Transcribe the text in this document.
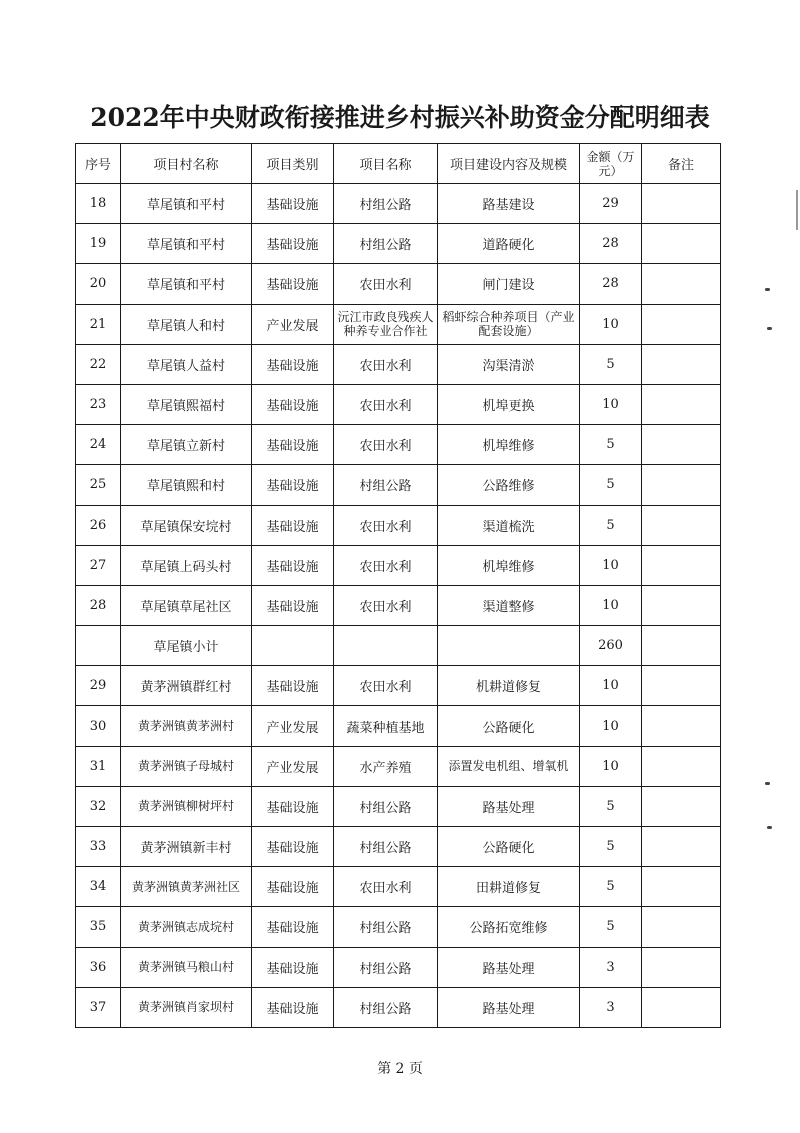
2022年中央财政衔接推进乡村振兴补助资金分配明细表
序号	项目村名称	项目类别	项目名称	项目建设内容及规模	金额（万元）	备注
18	草尾镇和平村	基础设施	村组公路	路基建设	29	
19	草尾镇和平村	基础设施	村组公路	道路硬化	28	
20	草尾镇和平村	基础设施	农田水利	闸门建设	28	
21	草尾镇人和村	产业发展	沅江市政良残疾人种养专业合作社	稻虾综合种养项目（产业配套设施）	10	
22	草尾镇人益村	基础设施	农田水利	沟渠清淤	5	
23	草尾镇熙福村	基础设施	农田水利	机埠更换	10	
24	草尾镇立新村	基础设施	农田水利	机埠维修	5	
25	草尾镇熙和村	基础设施	村组公路	公路维修	5	
26	草尾镇保安垸村	基础设施	农田水利	渠道梳洗	5	
27	草尾镇上码头村	基础设施	农田水利	机埠维修	10	
28	草尾镇草尾社区	基础设施	农田水利	渠道整修	10	
	草尾镇小计				260	
29	黄茅洲镇群红村	基础设施	农田水利	机耕道修复	10	
30	黄茅洲镇黄茅洲村	产业发展	蔬菜种植基地	公路硬化	10	
31	黄茅洲镇子母城村	产业发展	水产养殖	添置发电机组、增氧机	10	
32	黄茅洲镇柳树坪村	基础设施	村组公路	路基处理	5	
33	黄茅洲镇新丰村	基础设施	村组公路	公路硬化	5	
34	黄茅洲镇黄茅洲社区	基础设施	农田水利	田耕道修复	5	
35	黄茅洲镇志成垸村	基础设施	村组公路	公路拓宽维修	5	
36	黄茅洲镇马粮山村	基础设施	村组公路	路基处理	3	
37	黄茅洲镇肖家坝村	基础设施	村组公路	路基处理	3	
第 2 页
